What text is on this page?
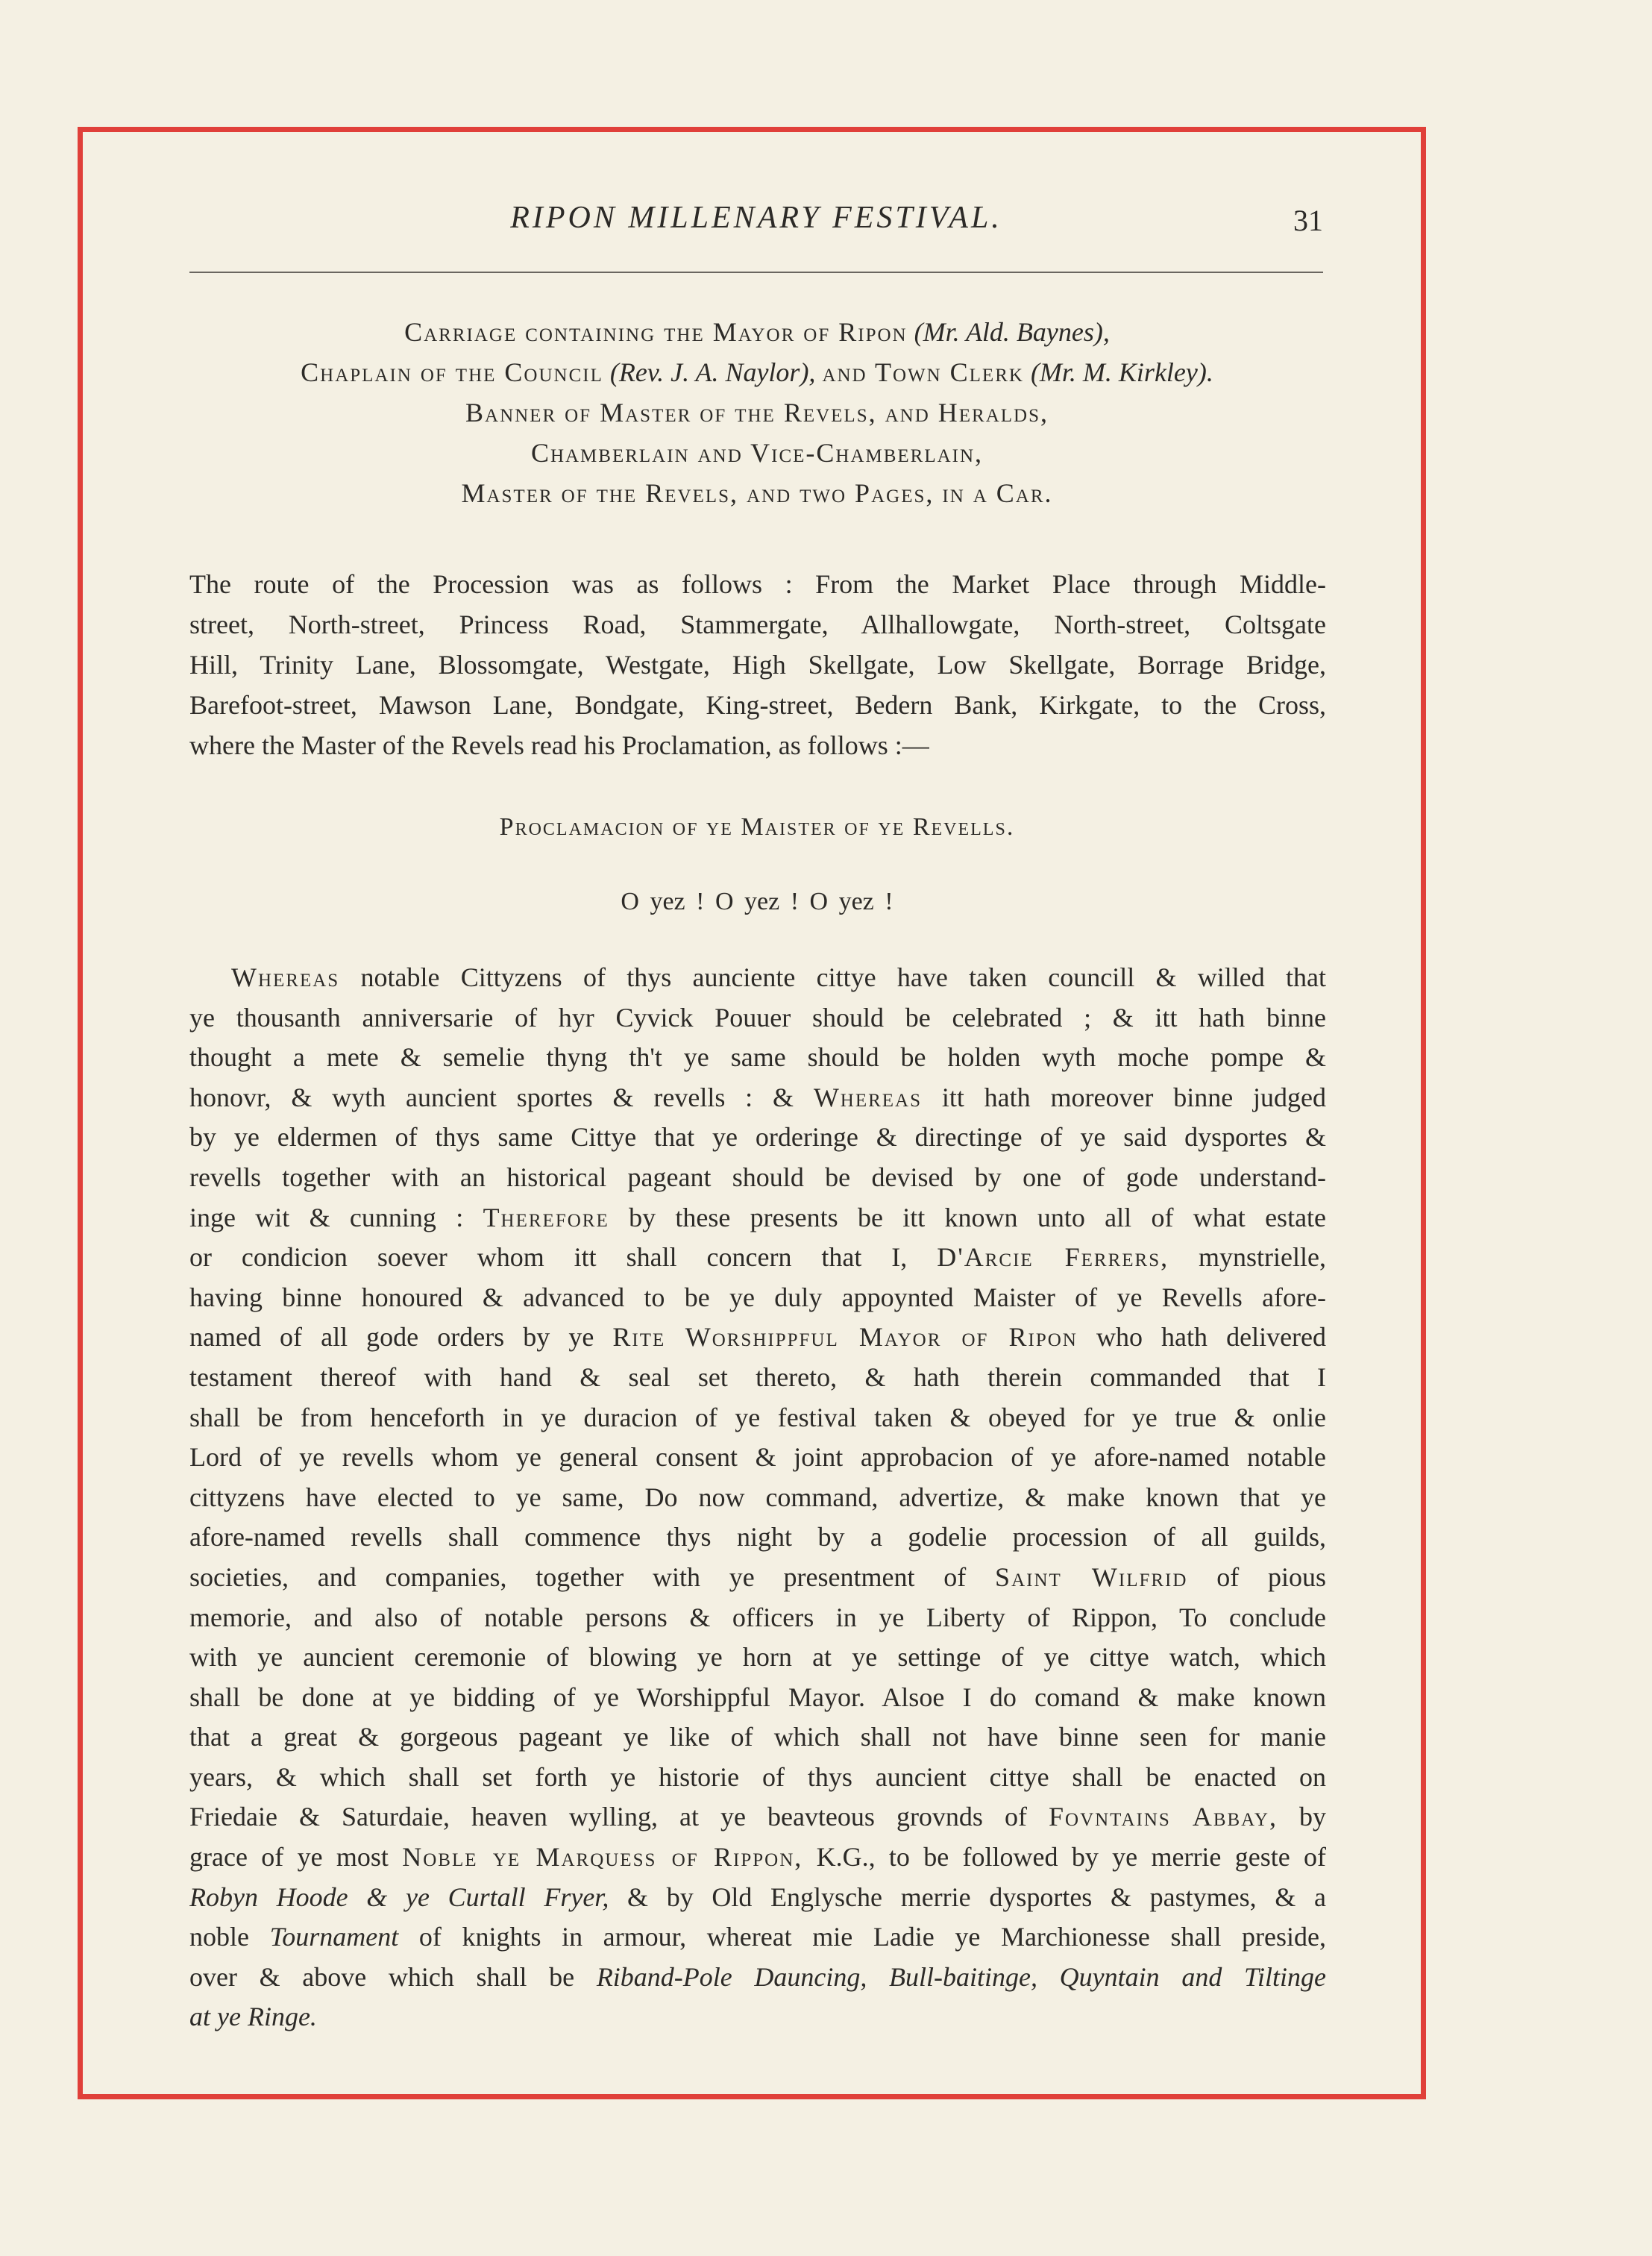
RIPON MILLENARY FESTIVAL.	31
Carriage containing the Mayor of Ripon (Mr. Ald. Baynes),
Chaplain of the Council (Rev. J. A. Naylor), and Town Clerk (Mr. M. Kirkley).
Banner of Master of the Revels, and Heralds,
Chamberlain and Vice-Chamberlain,
Master of the Revels, and two Pages, in a Car.
The route of the Procession was as follows : From the Market Place through Middle-
street, North-street, Princess Road, Stammergate, Allhallowgate, North-street, Coltsgate
Hill, Trinity Lane, Blossomgate, Westgate, High Skellgate, Low Skellgate, Borrage Bridge,
Barefoot-street, Mawson Lane, Bondgate, King-street, Bedern Bank, Kirkgate, to the Cross,
where the Master of the Revels read his Proclamation, as follows :—
Proclamacion of ye Maister of ye Revells.
O yez ! O yez ! O yez !
Whereas notable Cittyzens of thys aunciente cittye have taken councill & willed that
ye thousanth anniversarie of hyr Cyvick Pouuer should be celebrated ; & itt hath binne
thought a mete & semelie thyng th't ye same should be holden wyth moche pompe &
honovr, & wyth auncient sportes & revells : & Whereas itt hath moreover binne judged
by ye eldermen of thys same Cittye that ye orderinge & directinge of ye said dysportes &
revells together with an historical pageant should be devised by one of gode understand-
inge wit & cunning : Therefore by these presents be itt known unto all of what estate
or condicion soever whom itt shall concern that I, D'Arcie Ferrers, mynstrielle,
having binne honoured & advanced to be ye duly appoynted Maister of ye Revells afore-
named of all gode orders by ye Rite Worshippful Mayor of Ripon who hath delivered
testament thereof with hand & seal set thereto, & hath therein commanded that I
shall be from henceforth in ye duracion of ye festival taken & obeyed for ye true & onlie
Lord of ye revells whom ye general consent & joint approbacion of ye afore-named notable
cittyzens have elected to ye same, Do now command, advertize, & make known that ye
afore-named revells shall commence thys night by a godelie procession of all guilds,
societies, and companies, together with ye presentment of Saint Wilfrid of pious
memorie, and also of notable persons & officers in ye Liberty of Rippon, To conclude
with ye auncient ceremonie of blowing ye horn at ye settinge of ye cittye watch, which
shall be done at ye bidding of ye Worshippful Mayor. Alsoe I do comand & make known
that a great & gorgeous pageant ye like of which shall not have binne seen for manie
years, & which shall set forth ye historie of thys auncient cittye shall be enacted on
Friedaie & Saturdaie, heaven wylling, at ye beavteous grovnds of Fovntains Abbay, by
grace of ye most Noble ye Marquess of Rippon, K.G., to be followed by ye merrie geste of
Robyn Hoode & ye Curtall Fryer, & by Old Englysche merrie dysportes & pastymes, & a
noble Tournament of knights in armour, whereat mie Ladie ye Marchionesse shall preside,
over & above which shall be Riband-Pole Dauncing, Bull-baitinge, Quyntain and Tiltinge
at ye Ringe.
